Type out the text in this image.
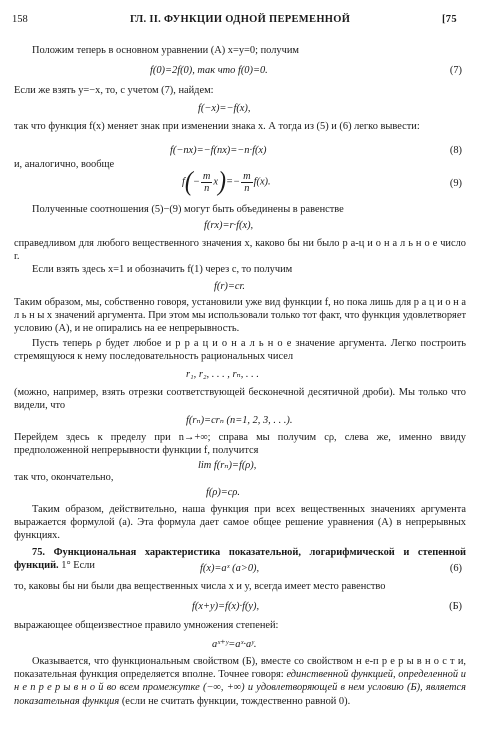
158	ГЛ. II. ФУНКЦИИ ОДНОЙ ПЕРЕМЕННОЙ	[75
Положим теперь в основном уравнении (А) x=y=0; получим
f(0)=2f(0), так что f(0)=0.	(7)
Если же взять y=−x, то, с учетом (7), найдем:
f(−x)=−f(x),
так что функция f(x) меняет знак при изменении знака x. А тогда из (5) и (6) легко вывести:
f(−nx)=−f(nx)=−n·f(x)	(8)
и, аналогично, вообще
$f(- \frac{m}{n} x)=- \frac{m}{n} f(x)$.	(9)
Полученные соотношения (5)−(9) могут быть объединены в равенстве
f(rx)=r·f(x),
справедливом для любого вещественного значения x, каково бы ни было р а-ц и о н а л ь н о е число r.
Если взять здесь x=1 и обозначить f(1) через c, то получим
f(r)=cr.
Таким образом, мы, собственно говоря, установили уже вид функции f, но пока лишь для р а ц и о н а л ь н ы х значений аргумента. При этом мы использовали только тот факт, что функция удовлетворяет условию (А), и не опирались на ее непрерывность.
Пусть теперь ρ будет любое и р р а ц и о н а л ь н о е значение аргумента. Легко построить стремящуюся к нему последовательность рациональных чисел
r₁, r₂, . . . , rₙ, . . .
(можно, например, взять отрезки соответствующей бесконечной десятичной дроби). Мы только что видели, что
f(rₙ)=crₙ (n=1, 2, 3, . . .).
Перейдем здесь к пределу при n→+∞; справа мы получим cρ, слева же, именно ввиду предположенной непрерывности функции f, получится
lim f(rₙ)=f(ρ),
так что, окончательно,
f(ρ)=cρ.
Таким образом, действительно, наша функция при всех вещественных значениях аргумента выражается формулой (а). Эта формула дает самое общее решение уравнения (А) в непрерывных функциях.
75. Функциональная характеристика показательной, логарифмической и степенной функций. 1° Если	f(x)=aˣ (a>0),	(6)
то, каковы бы ни были два вещественных числа x и y, всегда имеет место равенство
f(x+y)=f(x)·f(y),	(Б)
выражающее общеизвестное правило умножения степеней:
aˣ⁺ʸ=aˣ·aʸ.
Оказывается, что функциональным свойством (Б), вместе со свойством н е-п р е р ы в н о с т и, показательная функция определяется вполне. Точнее говоря: единственной функцией, определенной и н е п р е р ы в н о й во всем промежутке (−∞, +∞) и удовлетворяющей в нем условию (Б), является показательная функция (если не считать функции, тождественно равной 0).
